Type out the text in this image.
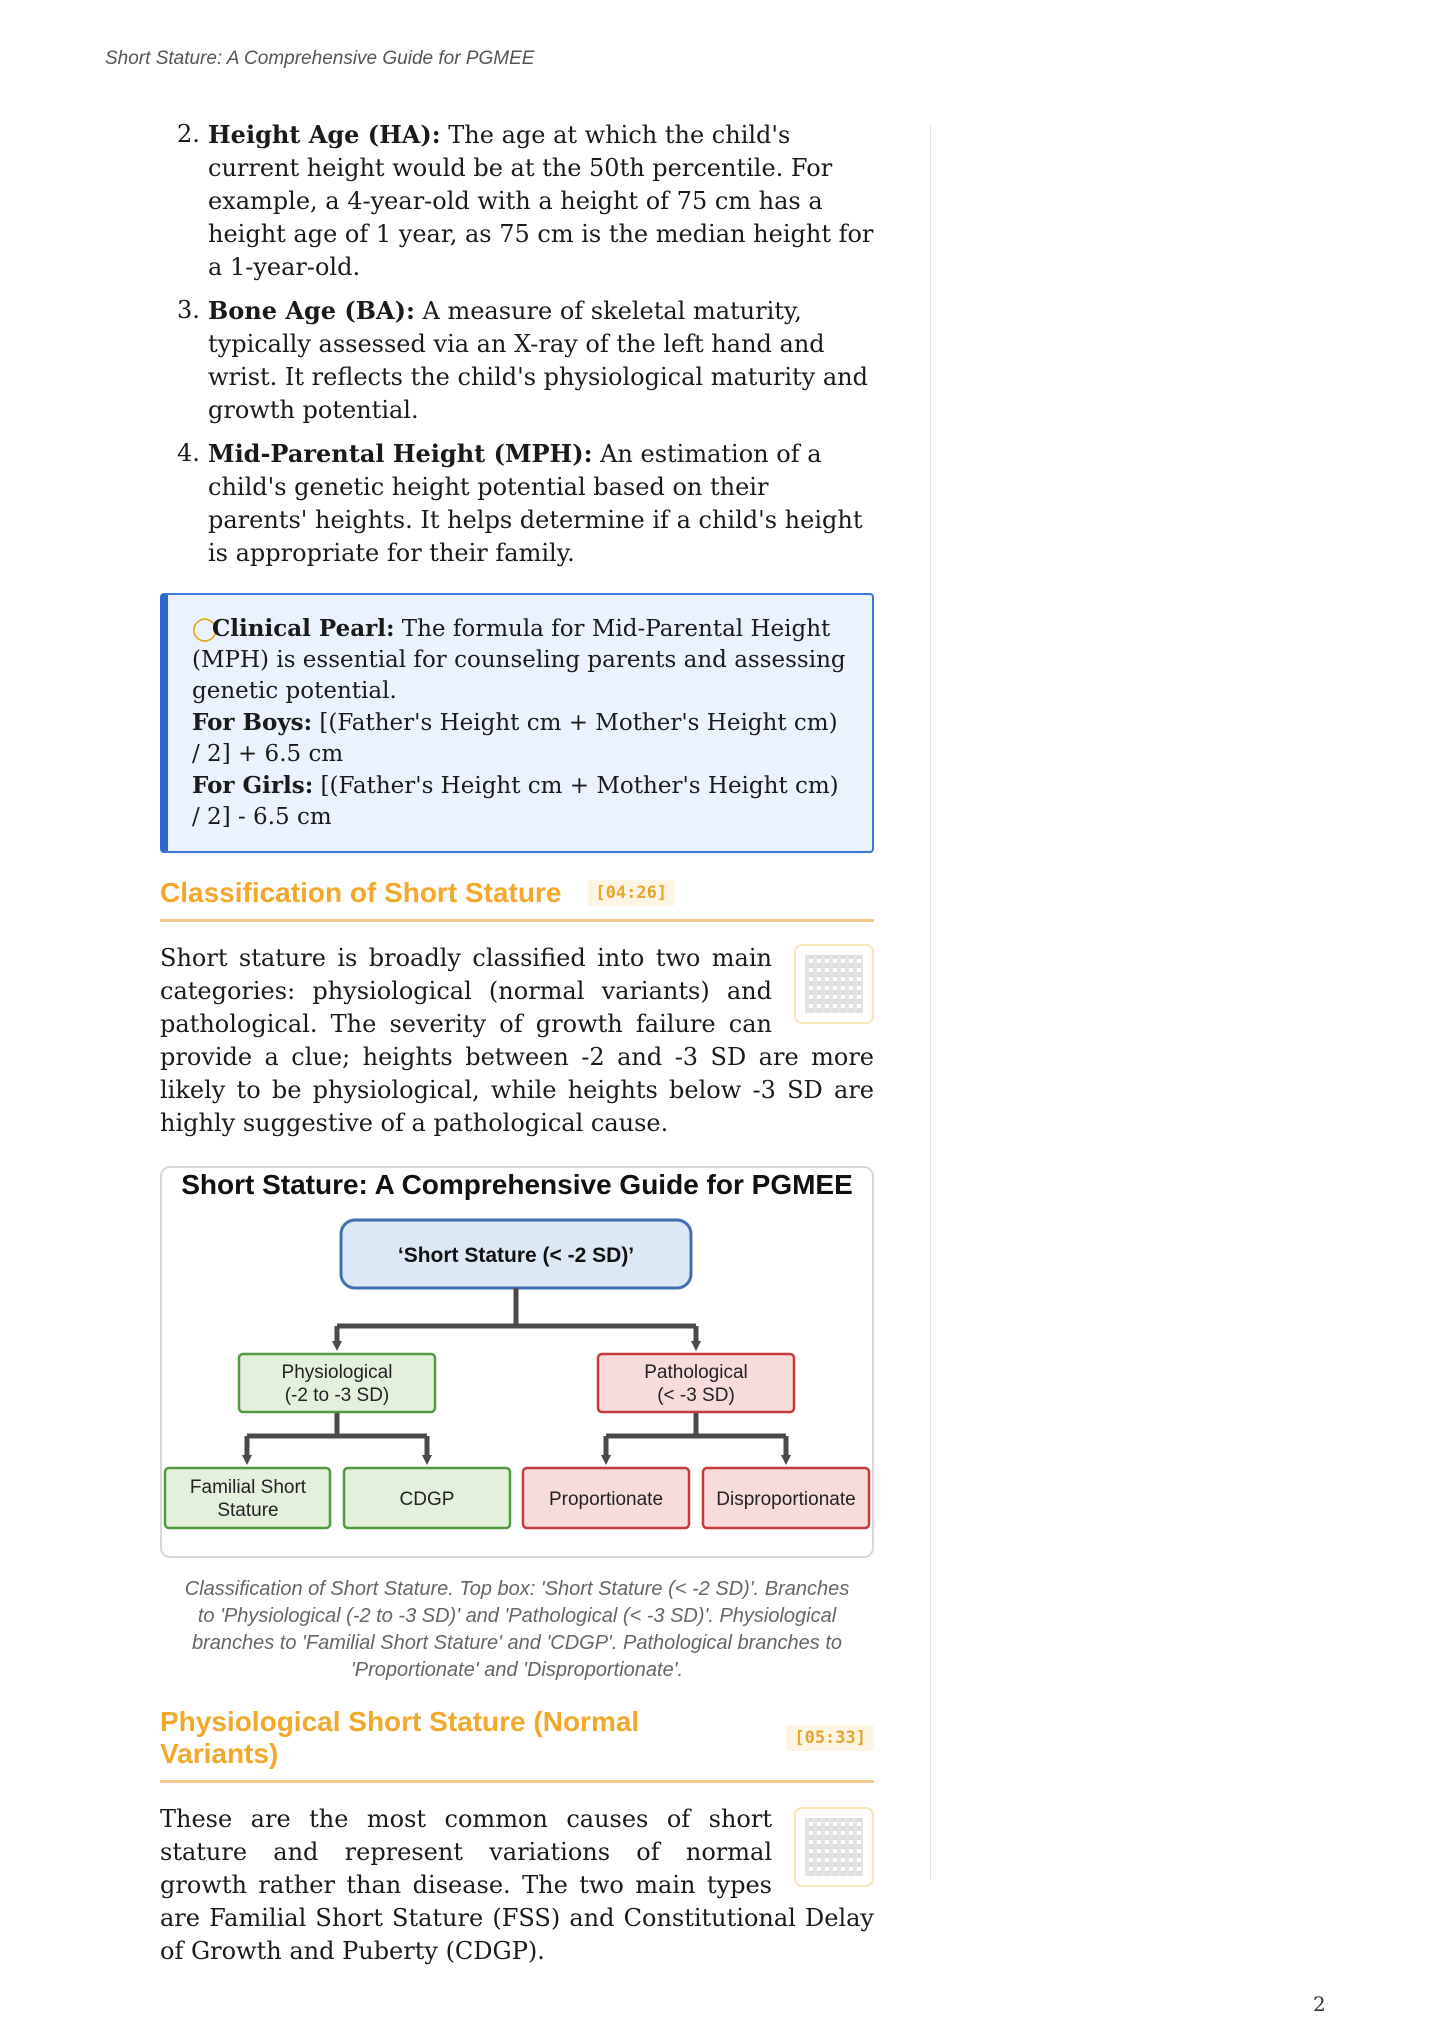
Short Stature: A Comprehensive Guide for PGMEE
2. Height Age (HA): The age at which the child's current height would be at the 50th percentile. For example, a 4-year-old with a height of 75 cm has a height age of 1 year, as 75 cm is the median height for a 1-year-old.
3. Bone Age (BA): A measure of skeletal maturity, typically assessed via an X-ray of the left hand and wrist. It reflects the child's physiological maturity and growth potential.
4. Mid-Parental Height (MPH): An estimation of a child's genetic height potential based on their parents' heights. It helps determine if a child's height is appropriate for their family.
◯Clinical Pearl: The formula for Mid-Parental Height (MPH) is essential for counseling parents and assessing genetic potential.
For Boys: [(Father's Height cm + Mother's Height cm) / 2] + 6.5 cm
For Girls: [(Father's Height cm + Mother's Height cm) / 2] - 6.5 cm
Classification of Short Stature	[04:26]

Short stature is broadly classified into two main categories: physiological (normal variants) and pathological. The severity of growth failure can provide a clue; heights between -2 and -3 SD are more likely to be physiological, while heights below -3 SD are highly suggestive of a pathological cause.

Short Stature: A Comprehensive Guide for PGMEE
‘Short Stature (< -2 SD)’
Physiological
(-2 to -3 SD)
Pathological
(< -3 SD)
Familial Short
Stature
CDGP	Proportionate	Disproportionate
Classification of Short Stature. Top box: 'Short Stature (< -2 SD)'. Branches to 'Physiological (-2 to -3 SD)' and 'Pathological (< -3 SD)'. Physiological branches to 'Familial Short Stature' and 'CDGP'. Pathological branches to 'Proportionate' and 'Disproportionate'.
Physiological Short Stature (Normal Variants)	[05:33]

These are the most common causes of short stature and represent variations of normal growth rather than disease. The two main types are Familial Short Stature (FSS) and Constitutional Delay of Growth and Puberty (CDGP).

2
